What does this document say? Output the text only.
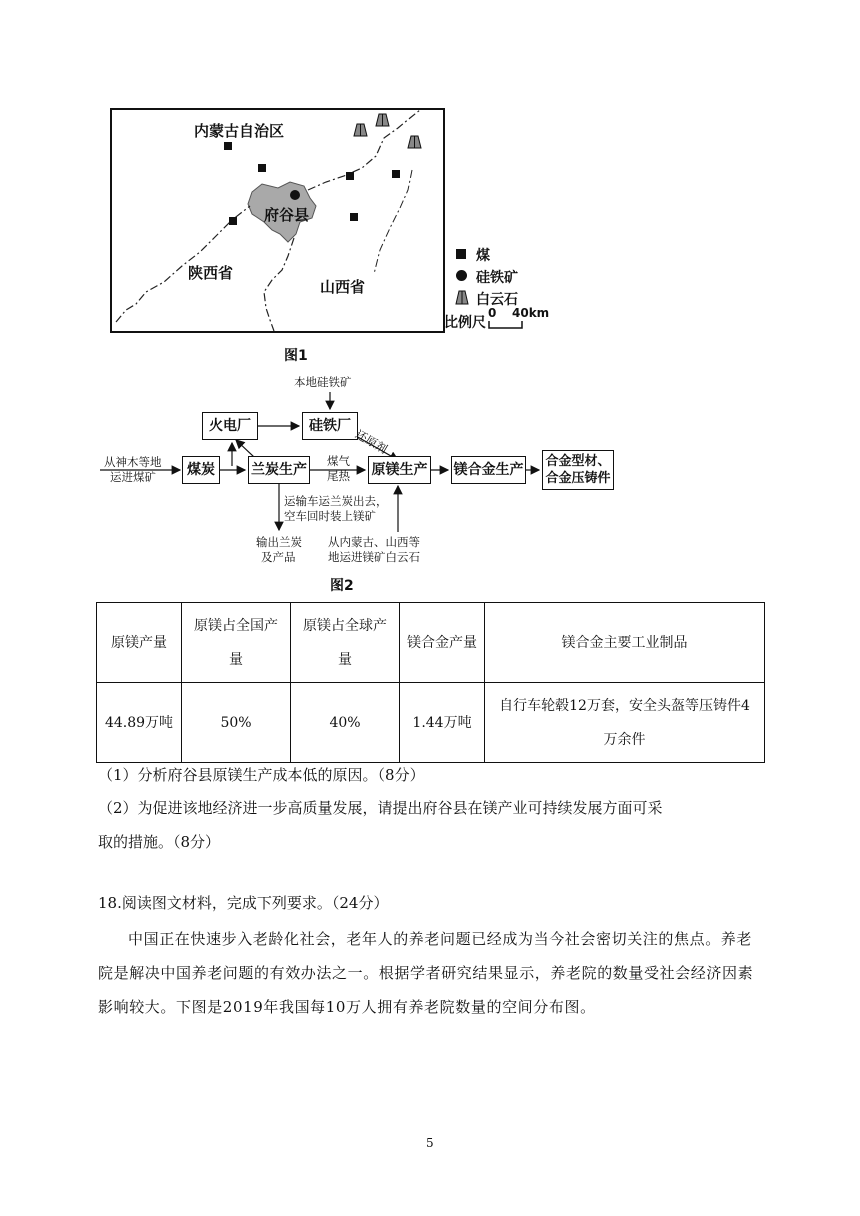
内蒙古自治区
府谷县
陕西省
山西省
煤
硅铁矿
白云石
比例尺
0 40km
图1
火电厂	硅铁厂
煤炭	兰炭生产	原镁生产 镁合金生产 合金型材、
合金压铸件
本地硅铁矿
还原剂
从神木等地
运进煤矿
煤气
尾热
运输车运兰炭出去，
空车回时装上镁矿
输出兰炭
及产品
从内蒙古、山西等
地运进镁矿白云石
图2
原镁产量	原镁占全国产量	原镁占全球产量	镁合金产量	镁合金主要工业制品
44.89万吨	50%	40%	1.44万吨	自行车轮毂12万套，安全头盔等压铸件4万余件
（1）分析府谷县原镁生产成本低的原因。（8分）
（2）为促进该地经济进一步高质量发展，请提出府谷县在镁产业可持续发展方面可采
取的措施。（8分）
18.阅读图文材料，完成下列要求。（24分）
中国正在快速步入老龄化社会，老年人的养老问题已经成为当今社会密切关注的焦点。养老院是解决中国养老问题的有效办法之一。根据学者研究结果显示，养老院的数量受社会经济因素影响较大。下图是2019年我国每10万人拥有养老院数量的空间分布图。
5
